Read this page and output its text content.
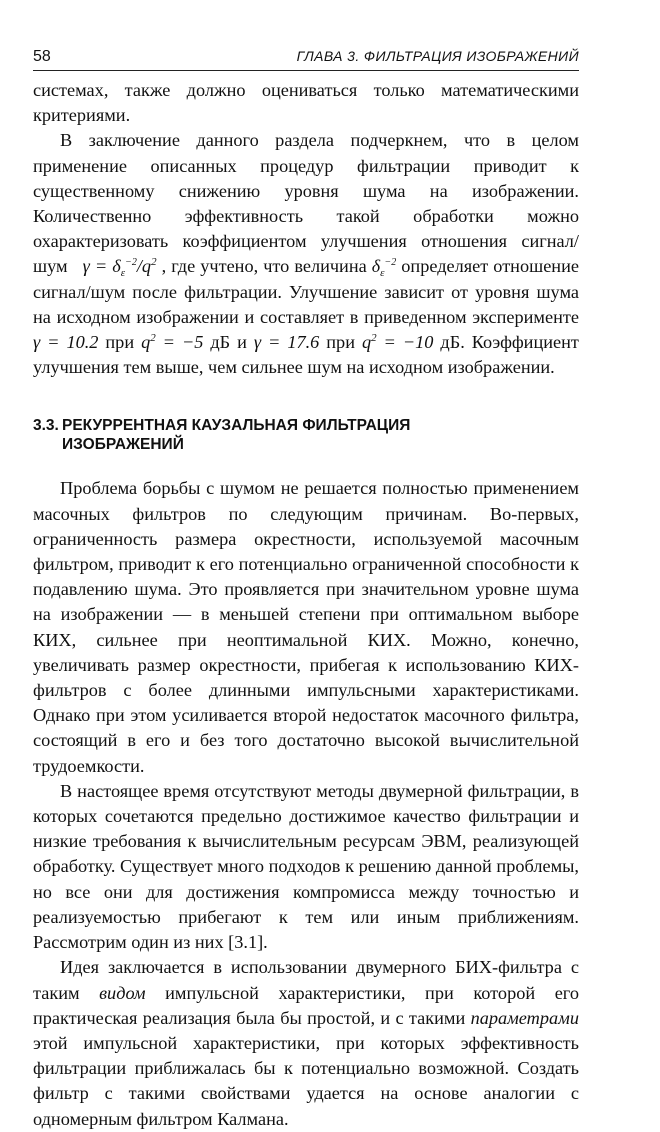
58	ГЛАВА 3. ФИЛЬТРАЦИЯ ИЗОБРАЖЕНИЙ

системах, также должно оцениваться только математическими критериями.

В заключение данного раздела подчеркнем, что в целом применение описанных процедур фильтрации приводит к существенному снижению уровня шума на изображении. Количественно эффективность такой обработки можно охарактеризовать коэффициентом улучшения отношения сигнал/шум $\gamma = \delta_\varepsilon^{-2}/q^2$ , где учтено, что величина $\delta_\varepsilon^{-2}$ определяет отношение сигнал/шум после фильтрации. Улучшение зависит от уровня шума на исходном изображении и составляет в приведенном эксперименте γ = 10.2 при $q^2 = -5$ дБ и γ = 17.6 при $q^2 = -10$ дБ. Коэффициент улучшения тем выше, чем сильнее шум на исходном изображении.

3.3. РЕКУРРЕНТНАЯ КАУЗАЛЬНАЯ ФИЛЬТРАЦИЯ
ИЗОБРАЖЕНИЙ

Проблема борьбы с шумом не решается полностью применением масочных фильтров по следующим причинам. Во-первых, ограниченность размера окрестности, используемой масочным фильтром, приводит к его потенциально ограниченной способности к подавлению шума. Это проявляется при значительном уровне шума на изображении — в меньшей степени при оптимальном выборе КИХ, сильнее при неоптимальной КИХ. Можно, конечно, увеличивать размер окрестности, прибегая к использованию КИХ-фильтров с более длинными импульсными характеристиками. Однако при этом усиливается второй недостаток масочного фильтра, состоящий в его и без того достаточно высокой вычислительной трудоемкости.

В настоящее время отсутствуют методы двумерной фильтрации, в которых сочетаются предельно достижимое качество фильтрации и низкие требования к вычислительным ресурсам ЭВМ, реализующей обработку. Существует много подходов к решению данной проблемы, но все они для достижения компромисса между точностью и реализуемостью прибегают к тем или иным приближениям. Рассмотрим один из них [3.1].

Идея заключается в использовании двумерного БИХ-фильтра с таким видом импульсной характеристики, при которой его практическая реализация была бы простой, и с такими параметрами этой импульсной характеристики, при которых эффективность фильтрации приближалась бы к потенциально возможной. Создать фильтр с такими свойствами удается на основе аналогии с одномерным фильтром Калмана.
